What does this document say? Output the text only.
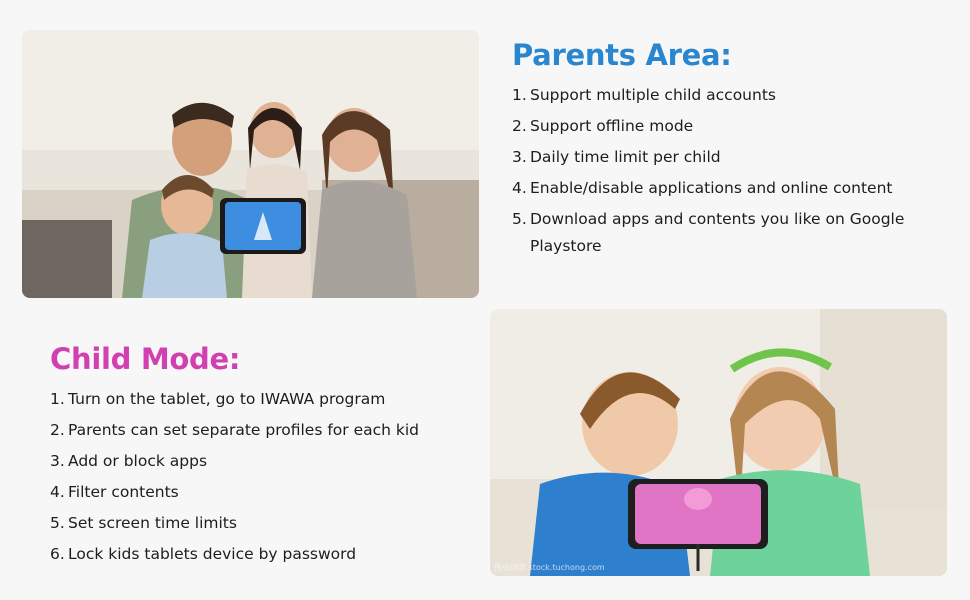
Parents Area:
1. Support multiple child accounts
2. Support offline mode
3. Daily time limit per child
4. Enable/disable applications and online content
5. Download apps and contents you like on Google Playstore
Child Mode:
1. Turn on the tablet, go to IWAWA program
2. Parents can set separate profiles for each kid
3. Add or block apps
4. Filter contents
5. Set screen time limits
6. Lock kids tablets device by password
图虫创意 stock.tuchong.com
